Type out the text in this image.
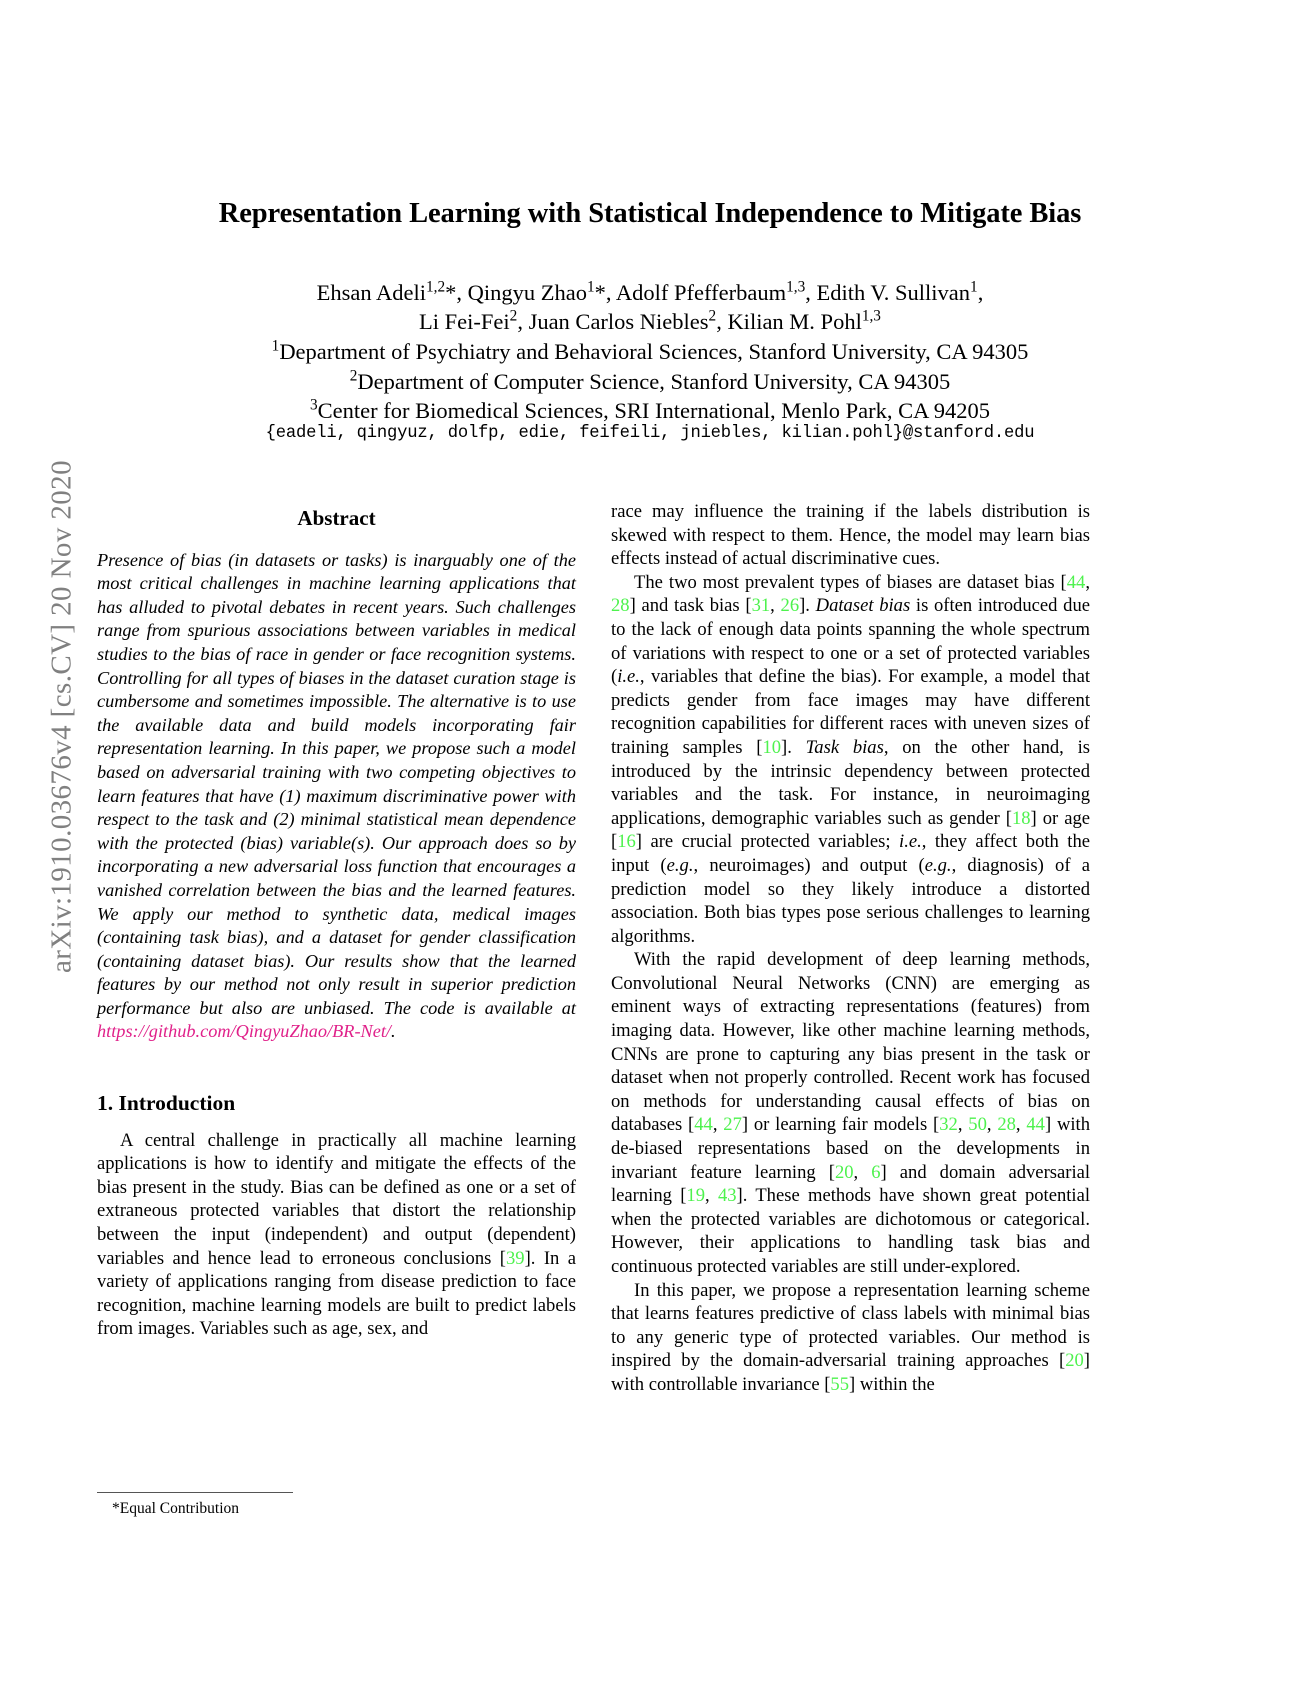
arXiv:1910.03676v4 [cs.CV] 20 Nov 2020
Representation Learning with Statistical Independence to Mitigate Bias
Ehsan Adeli$^{1,2}$*, Qingyu Zhao$^1$*, Adolf Pfefferbaum$^{1,3}$, Edith V. Sullivan$^1$,
Li Fei-Fei$^2$, Juan Carlos Niebles$^2$, Kilian M. Pohl$^{1,3}$
$^1$Department of Psychiatry and Behavioral Sciences, Stanford University, CA 94305
$^2$Department of Computer Science, Stanford University, CA 94305
$^3$Center for Biomedical Sciences, SRI International, Menlo Park, CA 94205
{eadeli, qingyuz, dolfp, edie, feifeili, jniebles, kilian.pohl}@stanford.edu
Abstract

Presence of bias (in datasets or tasks) is inarguably one of the most critical challenges in machine learning applications that has alluded to pivotal debates in recent years. Such challenges range from spurious associations between variables in medical studies to the bias of race in gender or face recognition systems. Controlling for all types of biases in the dataset curation stage is cumbersome and sometimes impossible. The alternative is to use the available data and build models incorporating fair representation learning. In this paper, we propose such a model based on adversarial training with two competing objectives to learn features that have (1) maximum discriminative power with respect to the task and (2) minimal statistical mean dependence with the protected (bias) variable(s). Our approach does so by incorporating a new adversarial loss function that encourages a vanished correlation between the bias and the learned features. We apply our method to synthetic data, medical images (containing task bias), and a dataset for gender classification (containing dataset bias). Our results show that the learned features by our method not only result in superior prediction performance but also are unbiased. The code is available at https://github.com/QingyuZhao/BR-Net/.

1. Introduction

A central challenge in practically all machine learning applications is how to identify and mitigate the effects of the bias present in the study. Bias can be defined as one or a set of extraneous protected variables that distort the relationship between the input (independent) and output (dependent) variables and hence lead to erroneous conclusions [39]. In a variety of applications ranging from disease prediction to face recognition, machine learning models are built to predict labels from images. Variables such as age, sex, and

race may influence the training if the labels distribution is skewed with respect to them. Hence, the model may learn bias effects instead of actual discriminative cues.

The two most prevalent types of biases are dataset bias [44, 28] and task bias [31, 26]. Dataset bias is often introduced due to the lack of enough data points spanning the whole spectrum of variations with respect to one or a set of protected variables (i.e., variables that define the bias). For example, a model that predicts gender from face images may have different recognition capabilities for different races with uneven sizes of training samples [10]. Task bias, on the other hand, is introduced by the intrinsic dependency between protected variables and the task. For instance, in neuroimaging applications, demographic variables such as gender [18] or age [16] are crucial protected variables; i.e., they affect both the input (e.g., neuroimages) and output (e.g., diagnosis) of a prediction model so they likely introduce a distorted association. Both bias types pose serious challenges to learning algorithms.

With the rapid development of deep learning methods, Convolutional Neural Networks (CNN) are emerging as eminent ways of extracting representations (features) from imaging data. However, like other machine learning methods, CNNs are prone to capturing any bias present in the task or dataset when not properly controlled. Recent work has focused on methods for understanding causal effects of bias on databases [44, 27] or learning fair models [32, 50, 28, 44] with de-biased representations based on the developments in invariant feature learning [20, 6] and domain adversarial learning [19, 43]. These methods have shown great potential when the protected variables are dichotomous or categorical. However, their applications to handling task bias and continuous protected variables are still under-explored.

In this paper, we propose a representation learning scheme that learns features predictive of class labels with minimal bias to any generic type of protected variables. Our method is inspired by the domain-adversarial training approaches [20] with controllable invariance [55] within the

*Equal Contribution
